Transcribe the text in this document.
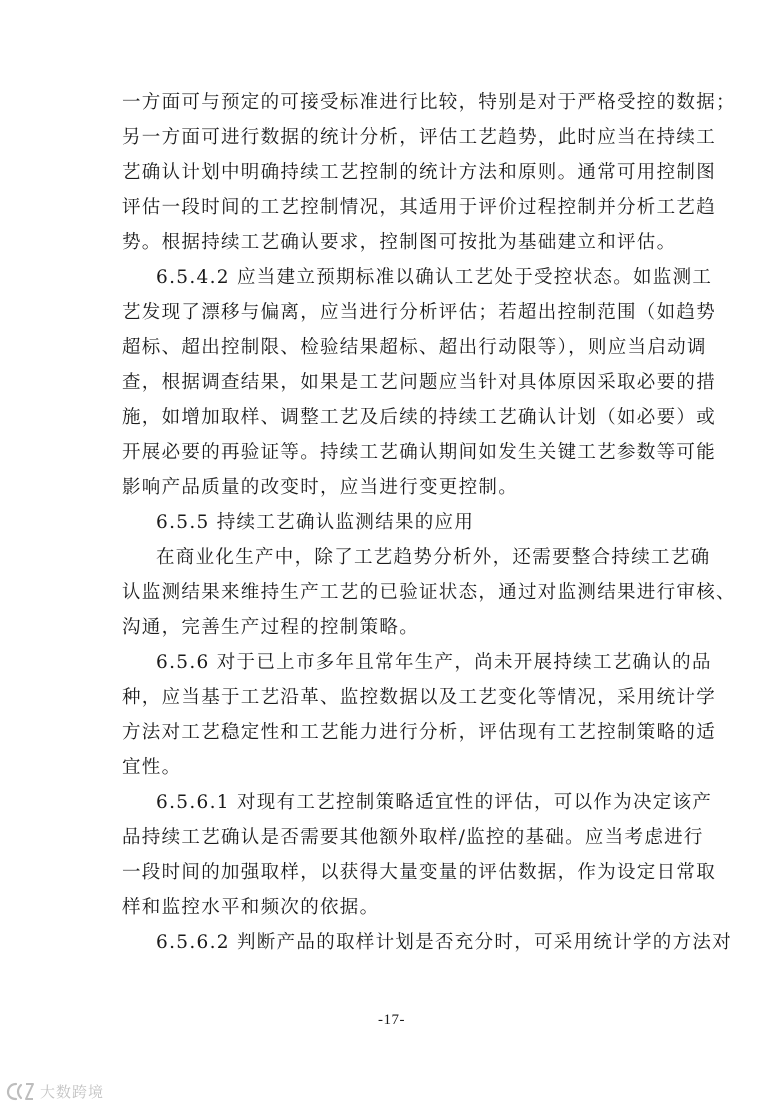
一方面可与预定的可接受标准进行比较，特别是对于严格受控的数据；
另一方面可进行数据的统计分析，评估工艺趋势，此时应当在持续工
艺确认计划中明确持续工艺控制的统计方法和原则。通常可用控制图
评估一段时间的工艺控制情况，其适用于评价过程控制并分析工艺趋
势。根据持续工艺确认要求，控制图可按批为基础建立和评估。
6.5.4.2 应当建立预期标准以确认工艺处于受控状态。如监测工
艺发现了漂移与偏离，应当进行分析评估；若超出控制范围（如趋势
超标、超出控制限、检验结果超标、超出行动限等），则应当启动调
查，根据调查结果，如果是工艺问题应当针对具体原因采取必要的措
施，如增加取样、调整工艺及后续的持续工艺确认计划（如必要）或
开展必要的再验证等。持续工艺确认期间如发生关键工艺参数等可能
影响产品质量的改变时，应当进行变更控制。
6.5.5 持续工艺确认监测结果的应用
在商业化生产中，除了工艺趋势分析外，还需要整合持续工艺确
认监测结果来维持生产工艺的已验证状态，通过对监测结果进行审核、
沟通，完善生产过程的控制策略。
6.5.6 对于已上市多年且常年生产，尚未开展持续工艺确认的品
种，应当基于工艺沿革、监控数据以及工艺变化等情况，采用统计学
方法对工艺稳定性和工艺能力进行分析，评估现有工艺控制策略的适
宜性。
6.5.6.1 对现有工艺控制策略适宜性的评估，可以作为决定该产
品持续工艺确认是否需要其他额外取样/监控的基础。应当考虑进行
一段时间的加强取样，以获得大量变量的评估数据，作为设定日常取
样和监控水平和频次的依据。
6.5.6.2 判断产品的取样计划是否充分时，可采用统计学的方法对
-17-
大数跨境
